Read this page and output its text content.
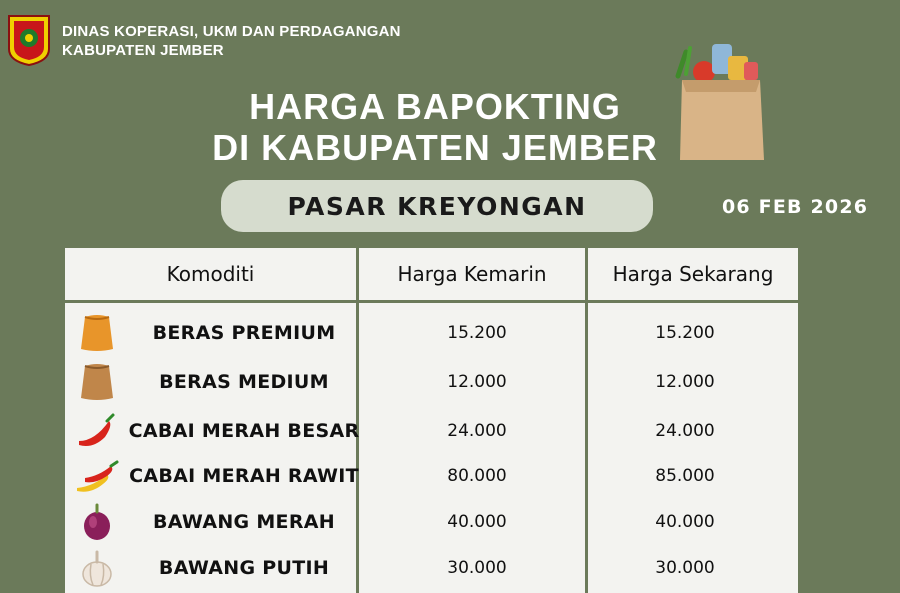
DINAS KOPERASI, UKM DAN PERDAGANGAN
KABUPATEN JEMBER
HARGA BAPOKTING
DI KABUPATEN JEMBER
PASAR KREYONGAN	06 FEB 2026
Komoditi	Harga Kemarin	Harga Sekarang
BERAS PREMIUM	15.200	15.200
BERAS MEDIUM	12.000	12.000
CABAI MERAH BESAR	24.000	24.000
CABAI MERAH RAWIT	80.000	85.000
BAWANG MERAH	40.000	40.000
BAWANG PUTIH	30.000	30.000
